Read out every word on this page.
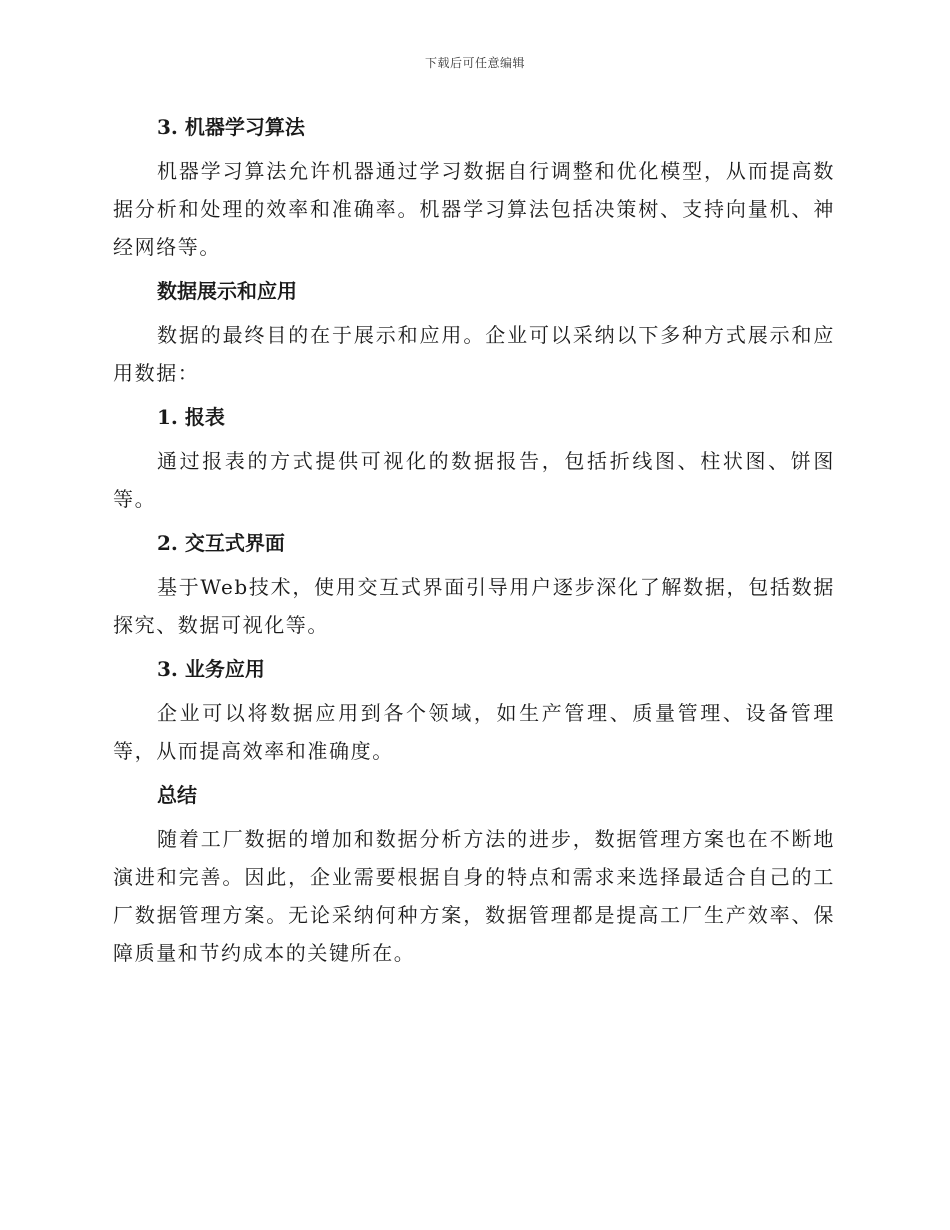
下载后可任意编辑
3. 机器学习算法
机器学习算法允许机器通过学习数据自行调整和优化模型，从而提高数据分析和处理的效率和准确率。机器学习算法包括决策树、支持向量机、神经网络等。
数据展示和应用
数据的最终目的在于展示和应用。企业可以采纳以下多种方式展示和应用数据：
1. 报表
通过报表的方式提供可视化的数据报告，包括折线图、柱状图、饼图等。
2. 交互式界面
基于Web技术，使用交互式界面引导用户逐步深化了解数据，包括数据探究、数据可视化等。
3. 业务应用
企业可以将数据应用到各个领域，如生产管理、质量管理、设备管理等，从而提高效率和准确度。
总结
随着工厂数据的增加和数据分析方法的进步，数据管理方案也在不断地演进和完善。因此，企业需要根据自身的特点和需求来选择最适合自己的工厂数据管理方案。无论采纳何种方案，数据管理都是提高工厂生产效率、保障质量和节约成本的关键所在。
